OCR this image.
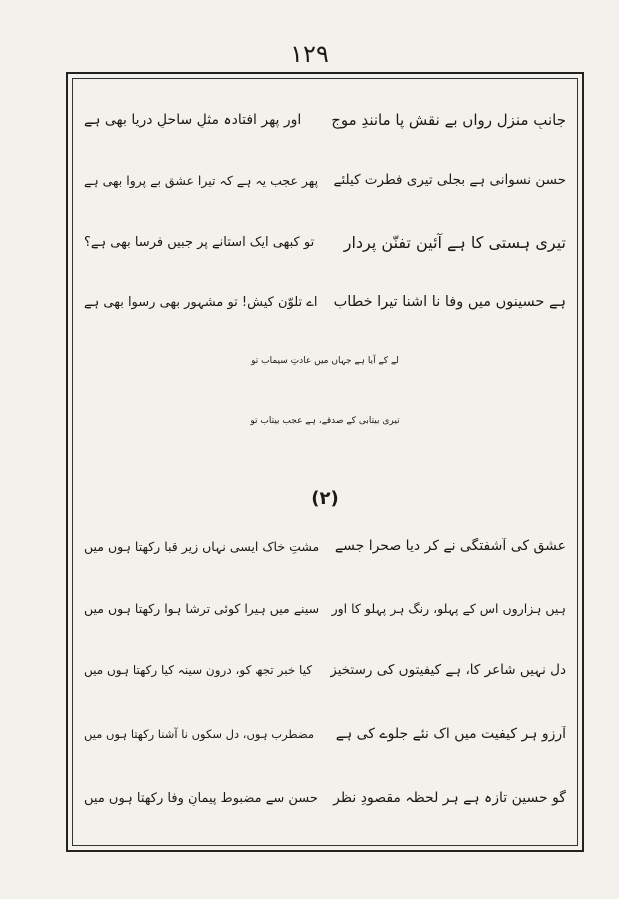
۱۲۹
جانبِ منزل رواں بے نقشِ پا مانندِ موج
اور پھر افتادہ مثلِ ساحلِ دریا بھی ہے
حسنِ نسوانی ہے بجلی تیری فطرت کیلئے
پھر عجب یہ ہے کہ تیرا عشق بے پروا بھی ہے
تیری ہستی کا ہے آئینِ تفنّن پردار
تو کبھی ایک آستانے پر جبیں فرسا بھی ہے؟
ہے حسینوں میں وفا نا آشنا تیرا خطاب
اے تلوّن کیش! تو مشہور بھی رسوا بھی ہے
لے کے آیا ہے جہاں میں عادتِ سیماب تو
تیری بیتابی کے صدقے، ہے عجب بیتاب تو
(۲)
عشق کی آشفتگی نے کر دیا صحرا جسے
مشتِ خاک ایسی نہاں زیرِ قبا رکھتا ہوں میں
ہیں ہزاروں اس کے پہلو، رنگ ہر پہلو کا اور
سینے میں ہیرا کوئی ترشا ہوا رکھتا ہوں میں
دل نہیں شاعر کا، ہے کیفیتوں کی رستخیز
کیا خبر تجھ کو، درونِ سینہ کیا رکھتا ہوں میں
آرزو ہر کیفیت میں اک نئے جلوے کی ہے
مضطرب ہوں، دل سکوں نا آشنا رکھتا ہوں میں
گو حسینِ تازہ ہے ہر لحظہ مقصودِ نظر
حسن سے مضبوط پیمانِ وفا رکھتا ہوں میں
